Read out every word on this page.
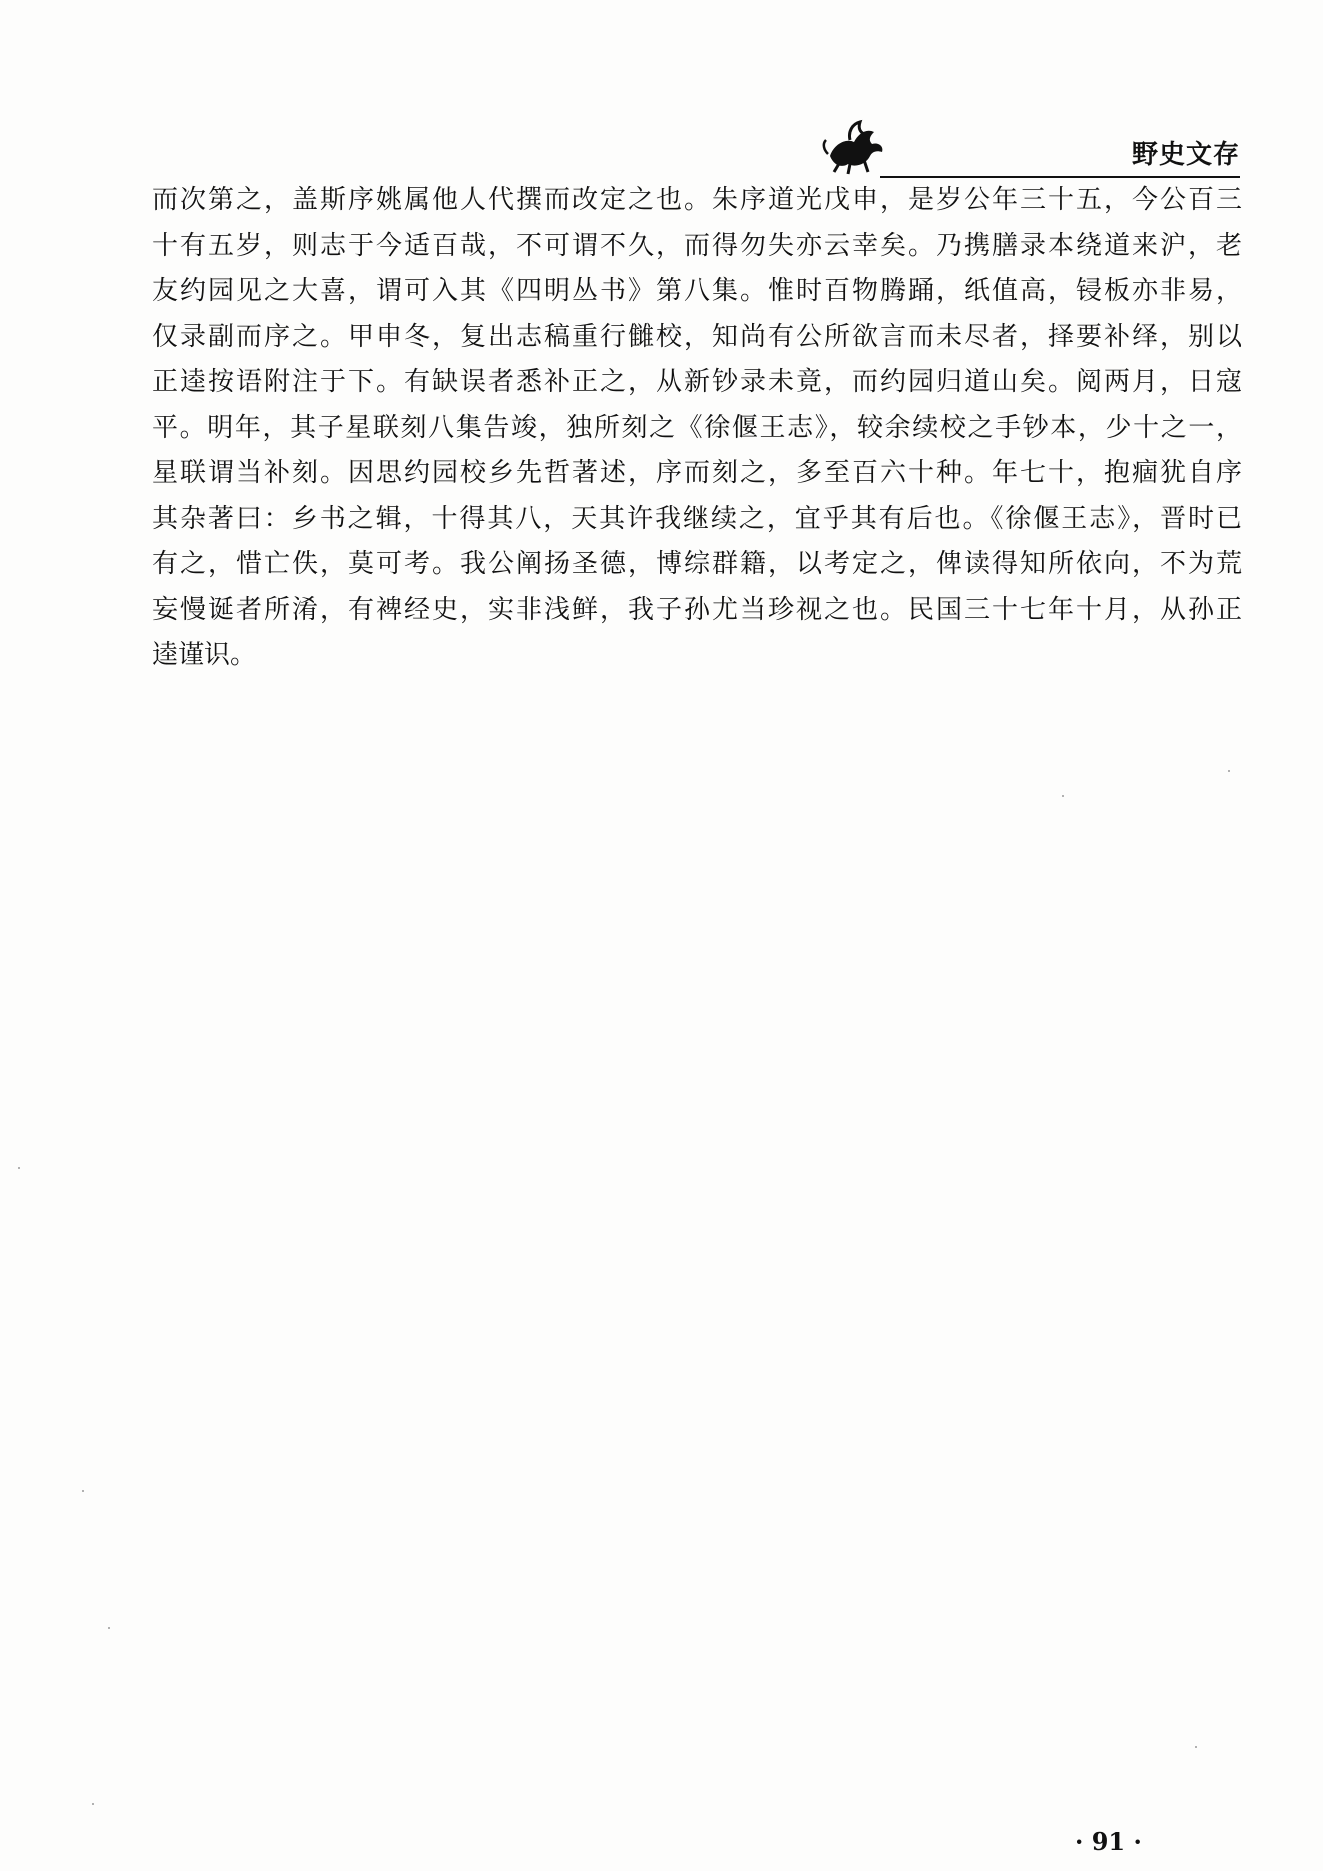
野史文存
而次第之，盖斯序姚属他人代撰而改定之也。朱序道光戊申，是岁公年三十五，今公百三
十有五岁，则志于今适百哉，不可谓不久，而得勿失亦云幸矣。乃携膳录本绕道来沪，老
友约园见之大喜，谓可入其《四明丛书》第八集。惟时百物腾踊，纸值高，锓板亦非易，
仅录副而序之。甲申冬，复出志稿重行雠校，知尚有公所欲言而未尽者，择要补绎，别以
正逵按语附注于下。有缺误者悉补正之，从新钞录未竟，而约园归道山矣。阅两月，日寇
平。明年，其子星联刻八集告竣，独所刻之《徐偃王志》，较余续校之手钞本，少十之一，
星联谓当补刻。因思约园校乡先哲著述，序而刻之，多至百六十种。年七十，抱痼犹自序
其杂著曰：乡书之辑，十得其八，天其许我继续之，宜乎其有后也。《徐偃王志》，晋时已
有之，惜亡佚，莫可考。我公阐扬圣德，博综群籍，以考定之，俾读得知所依向，不为荒
妄慢诞者所淆，有裨经史，实非浅鲜，我子孙尤当珍视之也。民国三十七年十月，从孙正
逵谨识。
· 91 ·
